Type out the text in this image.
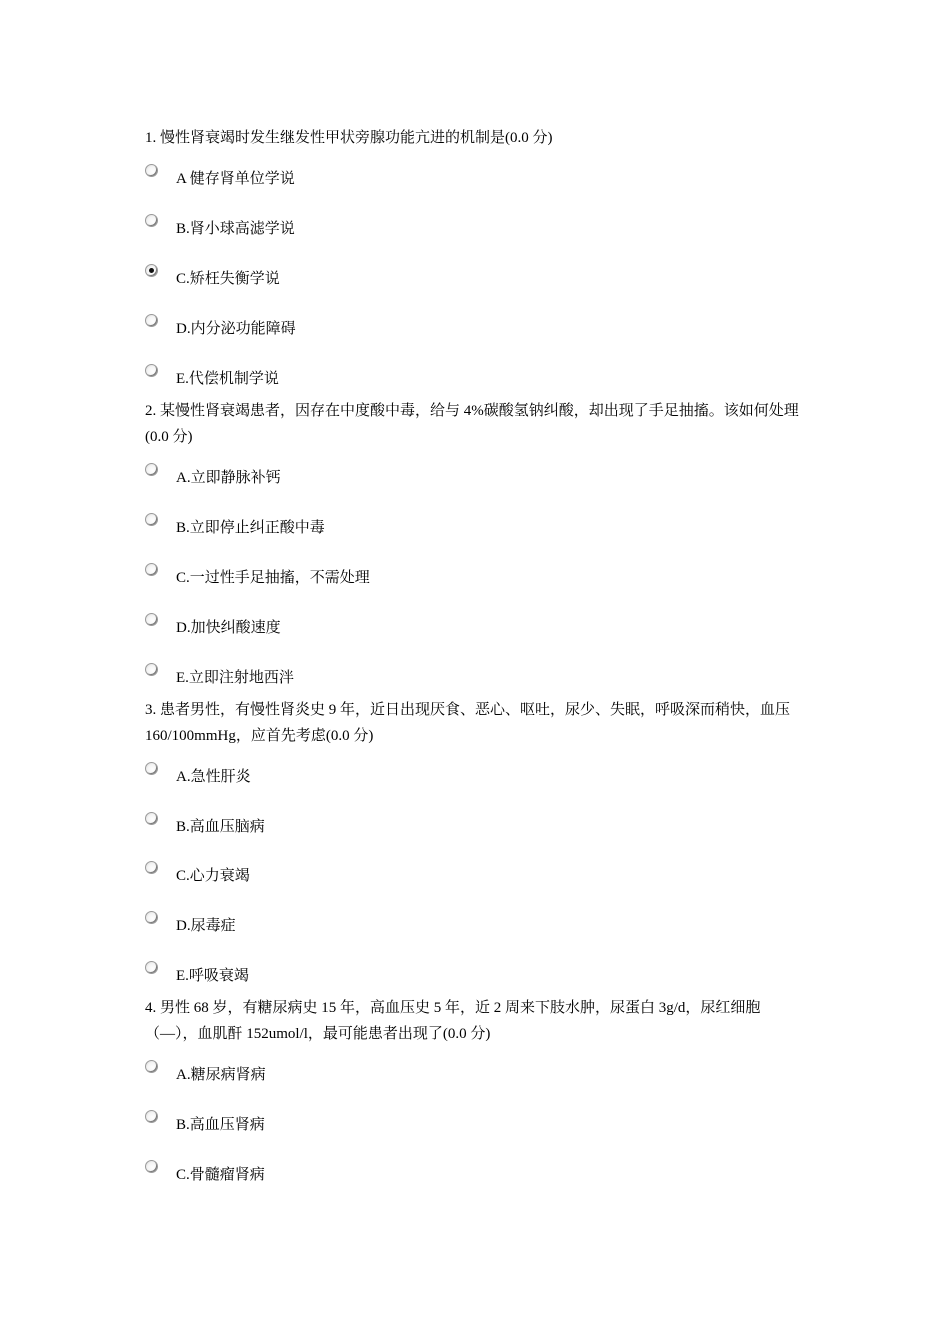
1. 慢性肾衰竭时发生继发性甲状旁腺功能亢进的机制是(0.0 分)
A 健存肾单位学说
B.肾小球高滤学说
C.矫枉失衡学说
D.内分泌功能障碍
E.代偿机制学说
2. 某慢性肾衰竭患者，因存在中度酸中毒，给与 4%碳酸氢钠纠酸，却出现了手足抽搐。该如何处理(0.0 分)
A.立即静脉补钙
B.立即停止纠正酸中毒
C.一过性手足抽搐，不需处理
D.加快纠酸速度
E.立即注射地西泮
3. 患者男性，有慢性肾炎史 9 年，近日出现厌食、恶心、呕吐，尿少、失眠，呼吸深而稍快，血压 160/100mmHg，应首先考虑(0.0 分)
A.急性肝炎
B.高血压脑病
C.心力衰竭
D.尿毒症
E.呼吸衰竭
4. 男性 68 岁，有糖尿病史 15 年，高血压史 5 年，近 2 周来下肢水肿，尿蛋白 3g/d，尿红细胞（—），血肌酐 152umol/l，最可能患者出现了(0.0 分)
A.糖尿病肾病
B.高血压肾病
C.骨髓瘤肾病
